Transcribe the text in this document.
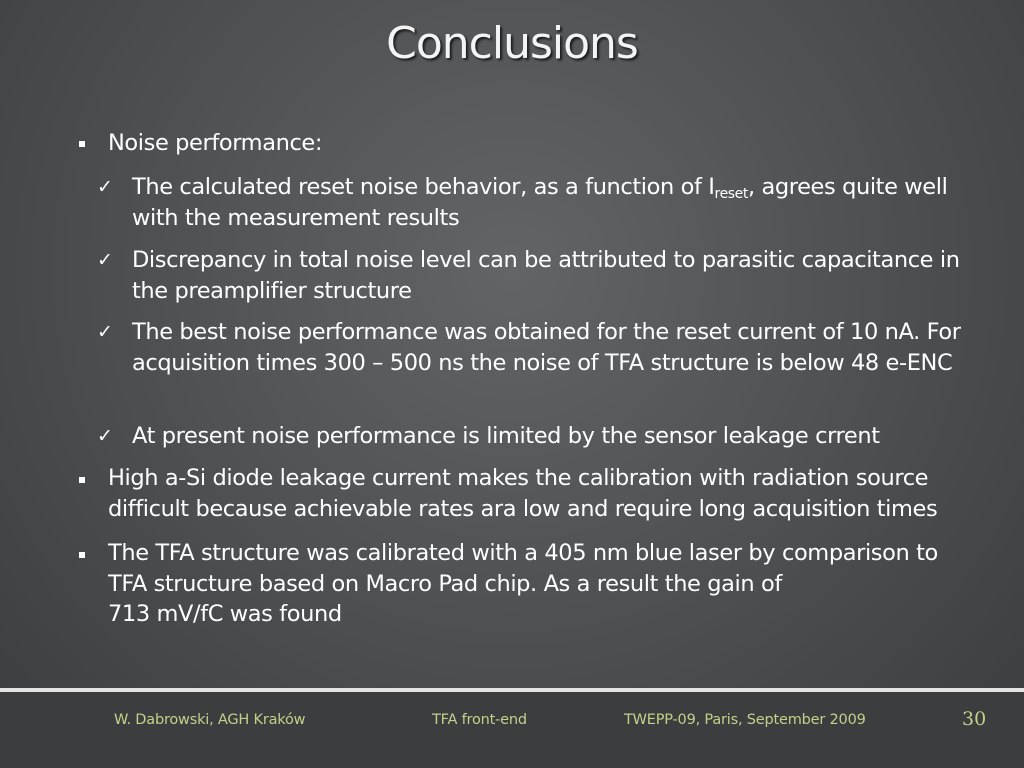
Conclusions
Noise performance:
✓ The calculated reset noise behavior, as a function of $I_{reset}$, agrees quite well with the measurement results
✓ Discrepancy in total noise level can be attributed to parasitic capacitance in the preamplifier structure
✓ The best noise performance was obtained for the reset current of 10 nA. For acquisition times 300 – 500 ns the noise of TFA structure is below 48 e-ENC
✓ At present noise performance is limited by the sensor leakage crrent
High a-Si diode leakage current makes the calibration with radiation source difficult because achievable rates ara low and require long acquisition times
The TFA structure was calibrated with a 405 nm blue laser by comparison to TFA structure based on Macro Pad chip. As a result the gain of
713 mV/fC was found
W. Dabrowski, AGH Kraków	TFA front-end	TWEPP-09, Paris, September 2009	30
